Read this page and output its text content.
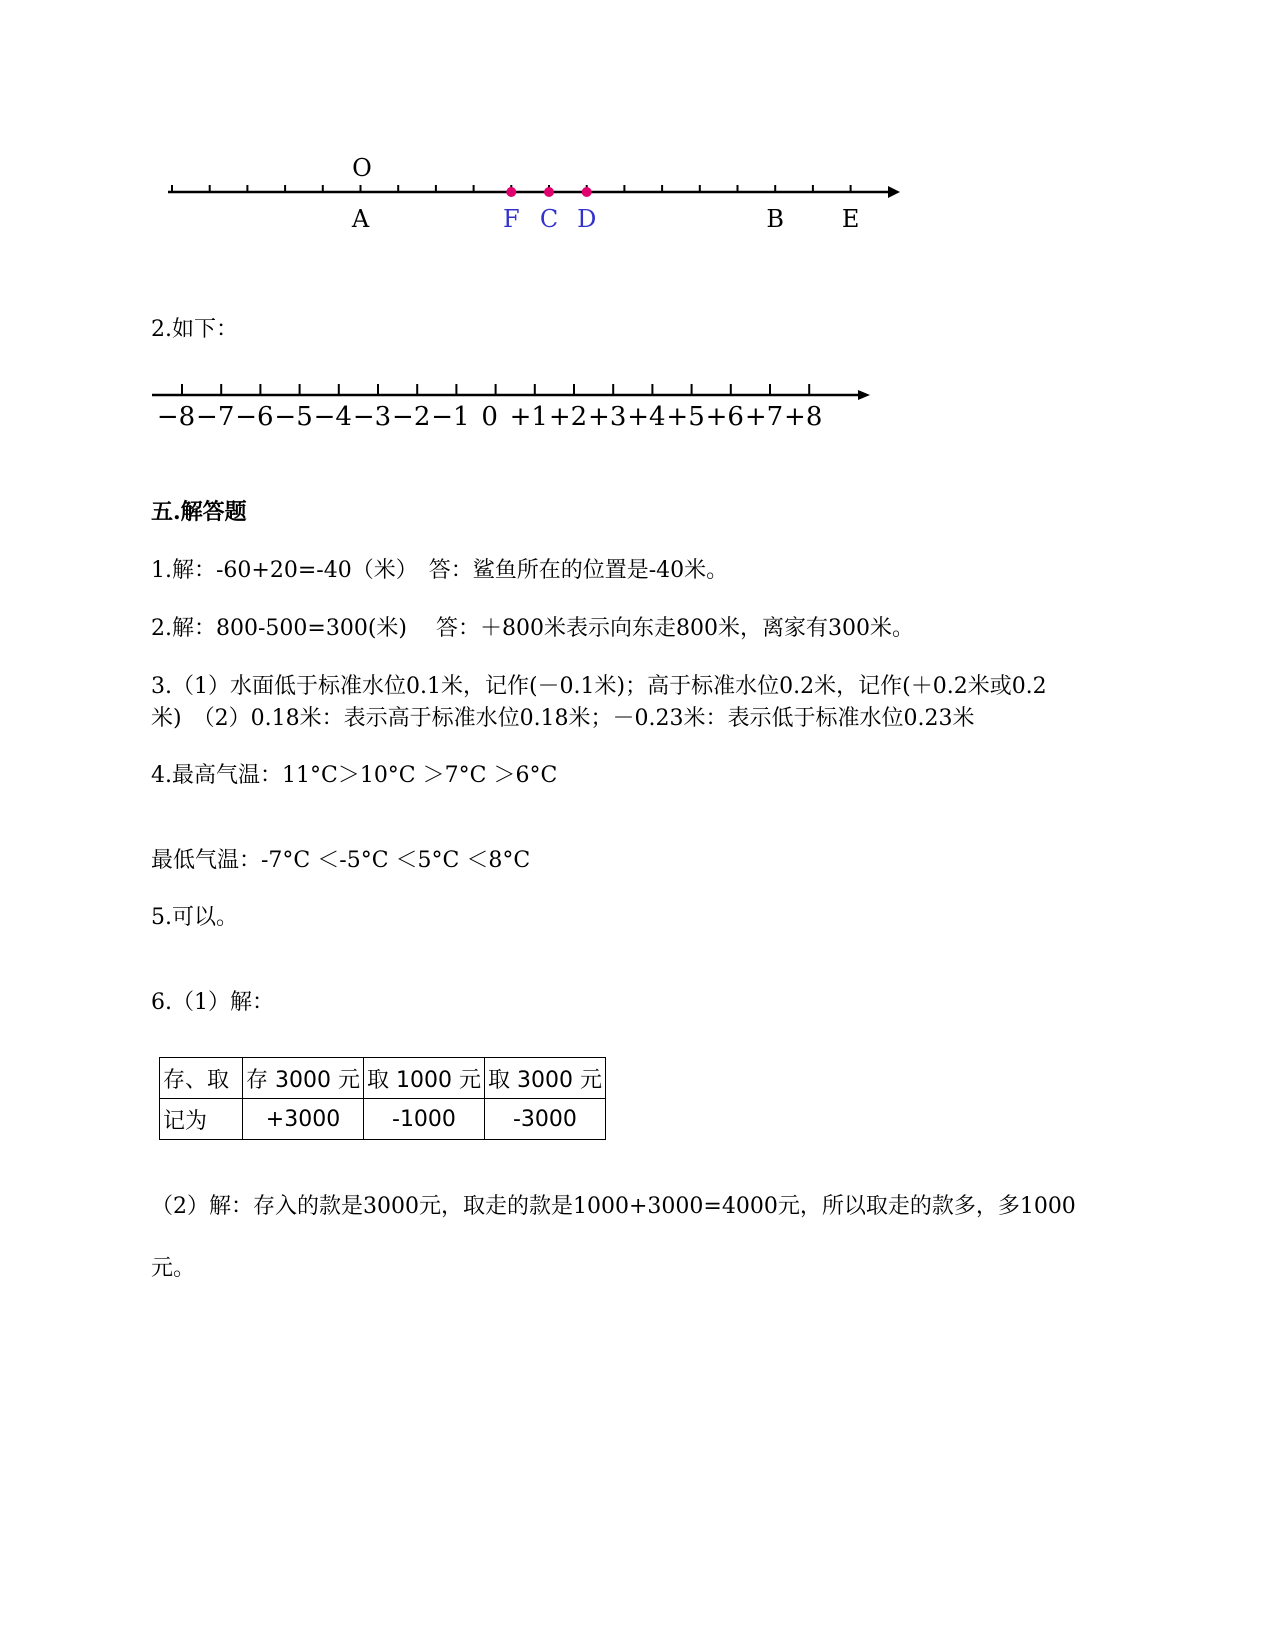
O
A	F C D	B E
2.如下：
−8 −7 −6 −5 −4 −3 −2 −1 0 +1 +2 +3 +4 +5 +6 +7 +8
五.解答题
1.解：-60+20=-40（米）　答：鲨鱼所在的位置是-40米。
2.解：800-500=300(米)　 答：＋800米表示向东走800米，离家有300米。
3.（1）水面低于标准水位0.1米，记作(－0.1米)；高于标准水位0.2米，记作(＋0.2米或0.2
米)　（2）0.18米：表示高于标准水位0.18米；－0.23米：表示低于标准水位0.23米
4.最高气温：11°C＞10°C ＞7°C ＞6°C
最低气温：-7°C ＜-5°C ＜5°C ＜8°C
5.可以。
6.（1）解：
存、取	存 3000 元	取 1000 元	取 3000 元
记为	+3000	-1000	-3000
（2）解：存入的款是3000元，取走的款是1000+3000=4000元，所以取走的款多，多1000
元。
